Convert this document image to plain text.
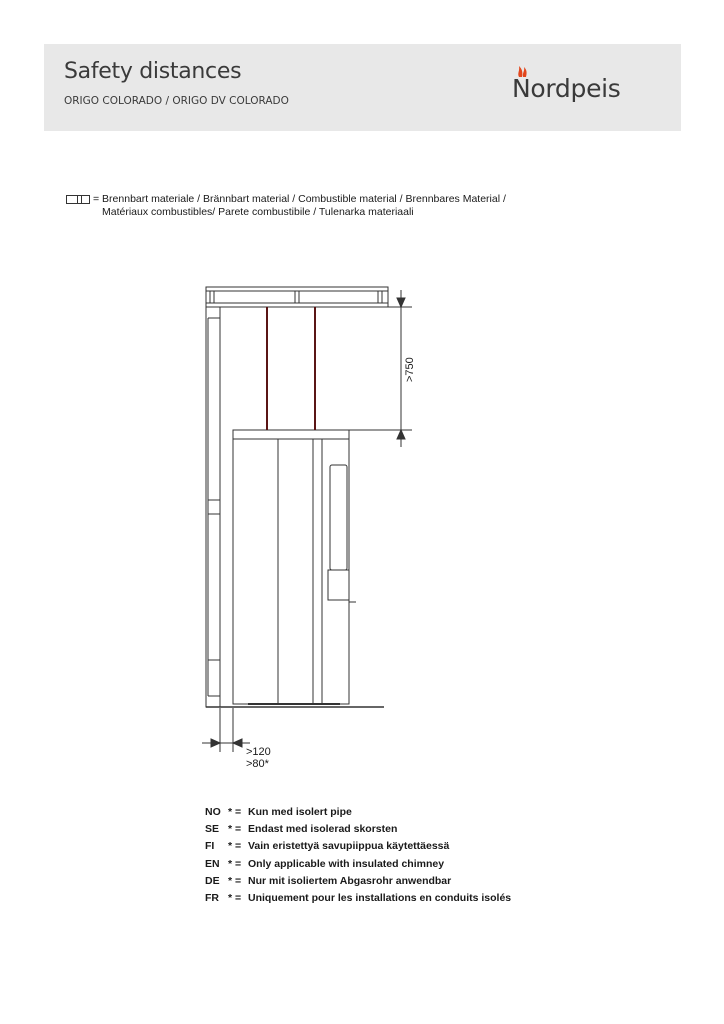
Safety distances
ORIGO COLORADO / ORIGO DV COLORADO	Nordpeis
= Brennbart materiale / Brännbart material / Combustible material / Brennbares Material /
Matériaux combustibles/ Parete combustibile / Tulenarka materiaali
>750
>120
>80*
NO * = Kun med isolert pipe
SE * = Endast med isolerad skorsten
FI * = Vain eristettyä savupiippua käytettäessä
EN * = Only applicable with insulated chimney
DE * = Nur mit isoliertem Abgasrohr anwendbar
FR * = Uniquement pour les installations en conduits isolés
